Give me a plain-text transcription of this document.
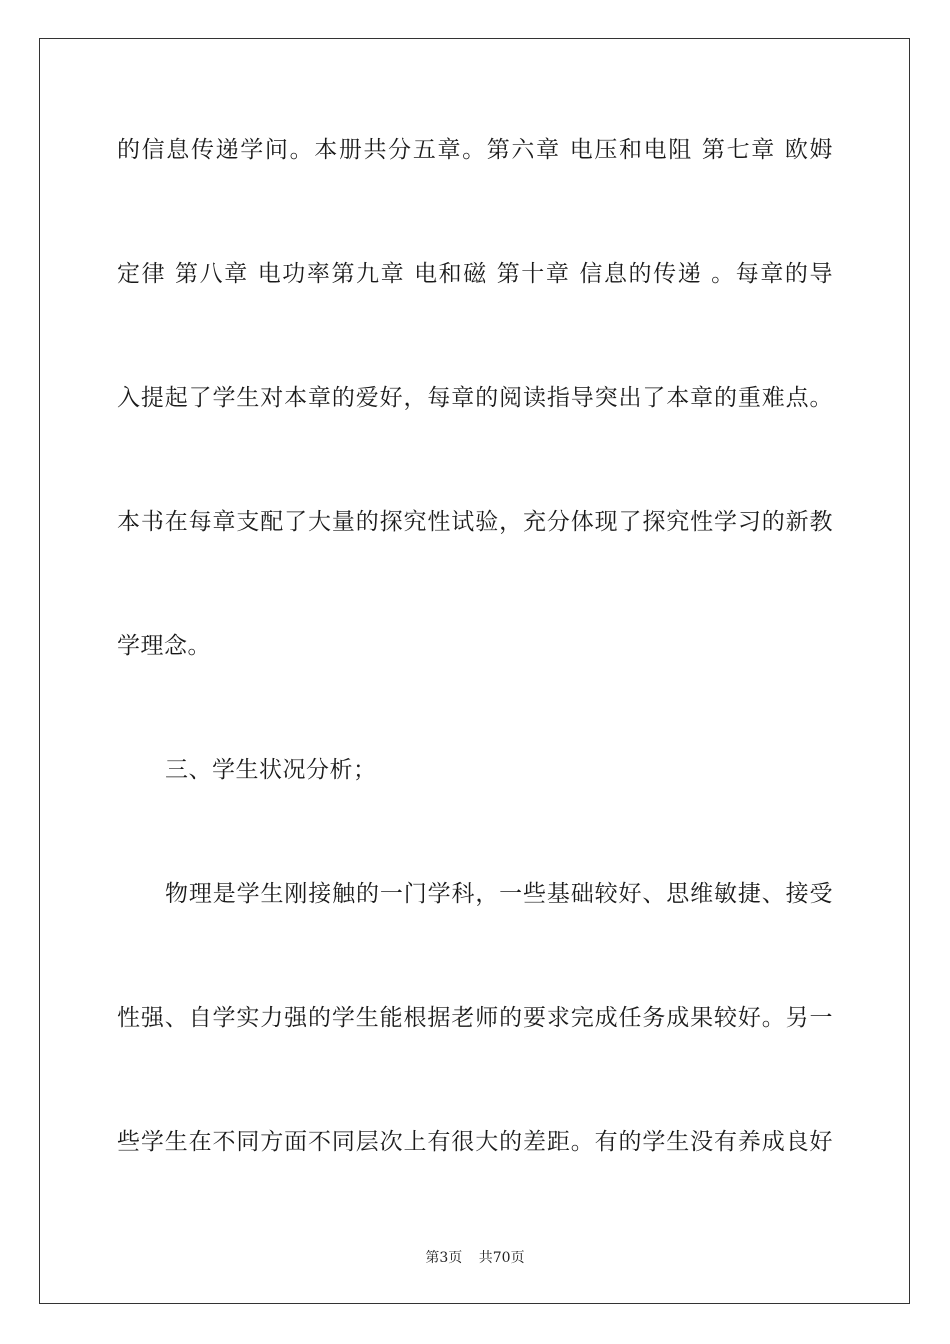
的信息传递学问。本册共分五章。第六章 电压和电阻 第七章 欧姆
定律 第八章 电功率第九章 电和磁 第十章 信息的传递 。每章的导
入提起了学生对本章的爱好，每章的阅读指导突出了本章的重难点。
本书在每章支配了大量的探究性试验，充分体现了探究性学习的新教
学理念。
三、学生状况分析；
物理是学生刚接触的一门学科，一些基础较好、思维敏捷、接受
性强、自学实力强的学生能根据老师的要求完成任务成果较好。另一
些学生在不同方面不同层次上有很大的差距。有的学生没有养成良好
第3页 共70页
